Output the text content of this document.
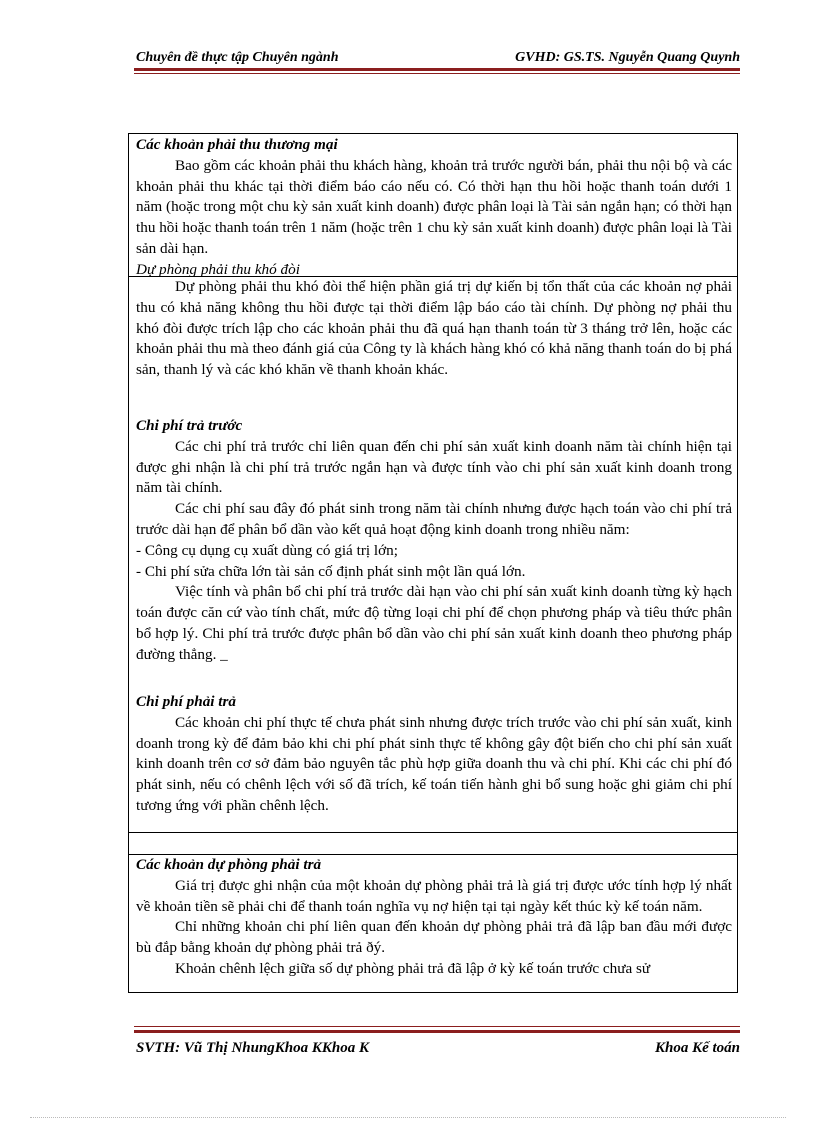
Chuyên đề thực tập Chuyên ngành	GVHD: GS.TS. Nguyễn Quang Quynh

Các khoản phải thu thương mại

Bao gồm các khoản phải thu khách hàng, khoản trả trước người bán, phải thu nội bộ và các khoản phải thu khác tại thời điểm báo cáo nếu có. Có thời hạn thu hồi hoặc thanh toán dưới 1 năm (hoặc trong một chu kỳ sản xuất kinh doanh) được phân loại là Tài sản ngắn hạn; có thời hạn thu hồi hoặc thanh toán trên 1 năm (hoặc trên 1 chu kỳ sản xuất kinh doanh) được phân loại là Tài sản dài hạn.

Dự phòng phải thu khó đòi

Dự phòng phải thu khó đòi thể hiện phần giá trị dự kiến bị tổn thất của các khoản nợ phải thu có khả năng không thu hồi được tại thời điểm lập báo cáo tài chính. Dự phòng nợ phải thu khó đòi được trích lập cho các khoản phải thu đã quá hạn thanh toán từ 3 tháng trở lên, hoặc các khoản phải thu mà theo đánh giá của Công ty là khách hàng khó có khả năng thanh toán do bị phá sản, thanh lý và các khó khăn về thanh khoản khác.

Chi phí trả trước

Các chi phí trả trước chỉ liên quan đến chi phí sản xuất kinh doanh năm tài chính hiện tại được ghi nhận là chi phí trả trước ngắn hạn và được tính vào chi phí sản xuất kinh doanh trong năm tài chính.

Các chi phí sau đây đó phát sinh trong năm tài chính nhưng được hạch toán vào chi phí trả trước dài hạn để phân bổ dần vào kết quả hoạt động kinh doanh trong nhiều năm:

- Công cụ dụng cụ xuất dùng có giá trị lớn;

- Chi phí sửa chữa lớn tài sản cố định phát sinh một lần quá lớn.

Việc tính và phân bổ chi phí trả trước dài hạn vào chi phí sản xuất kinh doanh từng kỳ hạch toán được căn cứ vào tính chất, mức độ từng loại chi phí để chọn phương pháp và tiêu thức phân bổ hợp lý. Chi phí trả trước được phân bổ dần vào chi phí sản xuất kinh doanh theo phương pháp đường thẳng. _

Chi phí phải trả

Các khoản chi phí thực tế chưa phát sinh nhưng được trích trước vào chi phí sản xuất, kinh doanh trong kỳ để đảm bảo khi chi phí phát sinh thực tế không gây đột biến cho chi phí sản xuất kinh doanh trên cơ sở đảm bảo nguyên tắc phù hợp giữa doanh thu và chi phí. Khi các chi phí đó phát sinh, nếu có chênh lệch với số đã trích, kế toán tiến hành ghi bổ sung hoặc ghi giảm chi phí tương ứng với phần chênh lệch.

Các khoản dự phòng phải trả

Giá trị được ghi nhận của một khoản dự phòng phải trả là giá trị được ước tính hợp lý nhất về khoản tiền sẽ phải chi để thanh toán nghĩa vụ nợ hiện tại tại ngày kết thúc kỳ kế toán năm.

Chỉ những khoản chi phí liên quan đến khoản dự phòng phải trả đã lập ban đầu mới được bù đắp bằng khoản dự phòng phải trả ðý.

Khoản chênh lệch giữa số dự phòng phải trả đã lập ở kỳ kế toán trước chưa sử

SVTH: Vũ Thị NhungKhoa KKhoa K	Khoa Kế toán
